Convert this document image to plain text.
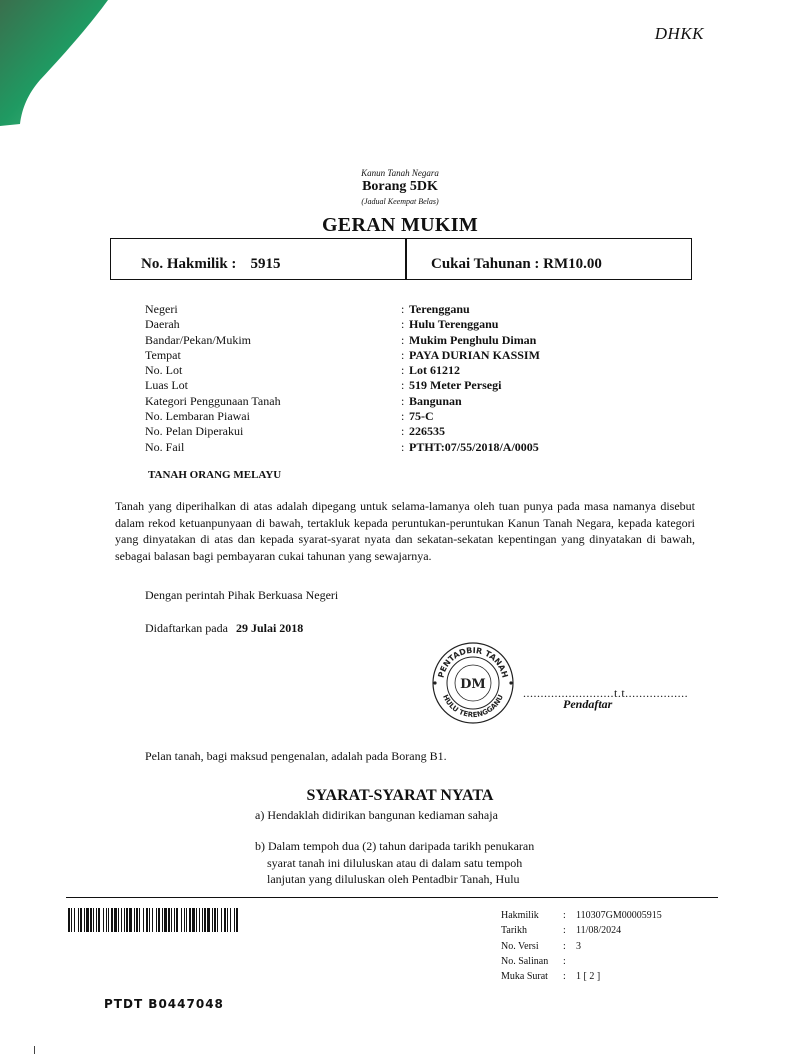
DHKK
Kanun Tanah Negara
Borang 5DK
(Jadual Keempat Belas)
GERAN MUKIM
No. Hakmilik : 5915	Cukai Tahunan : RM10.00
Negeri	: Terengganu
Daerah	: Hulu Terengganu
Bandar/Pekan/Mukim	: Mukim Penghulu Diman
Tempat	: PAYA DURIAN KASSIM
No. Lot	: Lot 61212
Luas Lot	: 519 Meter Persegi
Kategori Penggunaan Tanah	: Bangunan
No. Lembaran Piawai	: 75-C
No. Pelan Diperakui	: 226535
No. Fail	: PTHT:07/55/2018/A/0005
TANAH ORANG MELAYU
Tanah yang diperihalkan di atas adalah dipegang untuk selama-lamanya oleh tuan punya pada masa namanya disebut dalam rekod ketuanpunyaan di bawah, tertakluk kepada peruntukan-peruntukan Kanun Tanah Negara, kepada kategori yang dinyatakan di atas dan kepada syarat-syarat nyata dan sekatan-sekatan kepentingan yang dinyatakan di bawah, sebagai balasan bagi pembayaran cukai tahunan yang sewajarnya.
Dengan perintah Pihak Berkuasa Negeri
Didaftarkan pada 29 Julai 2018
PENTADBIR TANAH
HULU TERENGGANU
DM
..........................t.t..................
Pendaftar
Pelan tanah, bagi maksud pengenalan, adalah pada Borang B1.
SYARAT-SYARAT NYATA
a) Hendaklah didirikan bangunan kediaman sahaja
b) Dalam tempoh dua (2) tahun daripada tarikh penukaran
syarat tanah ini diluluskan atau di dalam satu tempoh
lanjutan yang diluluskan oleh Pentadbir Tanah, Hulu
Hakmilik : 110307GM00005915
Tarikh	: 11/08/2024
No. Versi : 3
No. Salinan :
Muka Surat : 1 [ 2 ]
PTDT B0447048
